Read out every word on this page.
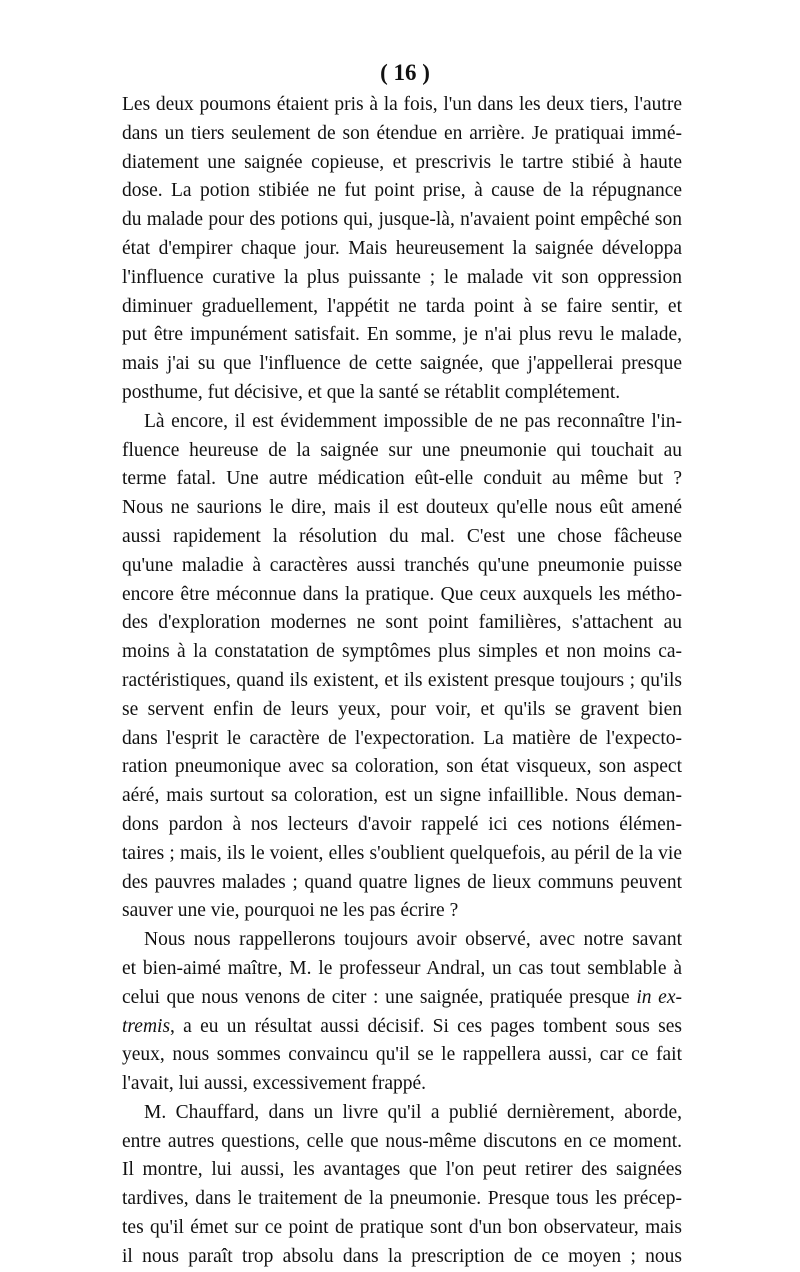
( 16 )
Les deux poumons étaient pris à la fois, l'un dans les deux tiers, l'autre
dans un tiers seulement de son étendue en arrière. Je pratiquai immé-
diatement une saignée copieuse, et prescrivis le tartre stibié à haute
dose. La potion stibiée ne fut point prise, à cause de la répugnance
du malade pour des potions qui, jusque-là, n'avaient point empêché son
état d'empirer chaque jour. Mais heureusement la saignée développa
l'influence curative la plus puissante ; le malade vit son oppression
diminuer graduellement, l'appétit ne tarda point à se faire sentir, et
put être impunément satisfait. En somme, je n'ai plus revu le malade,
mais j'ai su que l'influence de cette saignée, que j'appellerai presque
posthume, fut décisive, et que la santé se rétablit complétement.
Là encore, il est évidemment impossible de ne pas reconnaître l'in-
fluence heureuse de la saignée sur une pneumonie qui touchait au
terme fatal. Une autre médication eût-elle conduit au même but ?
Nous ne saurions le dire, mais il est douteux qu'elle nous eût amené
aussi rapidement la résolution du mal. C'est une chose fâcheuse
qu'une maladie à caractères aussi tranchés qu'une pneumonie puisse
encore être méconnue dans la pratique. Que ceux auxquels les métho-
des d'exploration modernes ne sont point familières, s'attachent au
moins à la constatation de symptômes plus simples et non moins ca-
ractéristiques, quand ils existent, et ils existent presque toujours ; qu'ils
se servent enfin de leurs yeux, pour voir, et qu'ils se gravent bien
dans l'esprit le caractère de l'expectoration. La matière de l'expecto-
ration pneumonique avec sa coloration, son état visqueux, son aspect
aéré, mais surtout sa coloration, est un signe infaillible. Nous deman-
dons pardon à nos lecteurs d'avoir rappelé ici ces notions élémen-
taires ; mais, ils le voient, elles s'oublient quelquefois, au péril de la vie
des pauvres malades ; quand quatre lignes de lieux communs peuvent
sauver une vie, pourquoi ne les pas écrire ?
Nous nous rappellerons toujours avoir observé, avec notre savant
et bien-aimé maître, M. le professeur Andral, un cas tout semblable à
celui que nous venons de citer : une saignée, pratiquée presque in ex-
tremis, a eu un résultat aussi décisif. Si ces pages tombent sous ses
yeux, nous sommes convaincu qu'il se le rappellera aussi, car ce fait
l'avait, lui aussi, excessivement frappé.
M. Chauffard, dans un livre qu'il a publié dernièrement, aborde,
entre autres questions, celle que nous-même discutons en ce moment.
Il montre, lui aussi, les avantages que l'on peut retirer des saignées
tardives, dans le traitement de la pneumonie. Presque tous les précep-
tes qu'il émet sur ce point de pratique sont d'un bon observateur, mais
il nous paraît trop absolu dans la prescription de ce moyen ; nous
